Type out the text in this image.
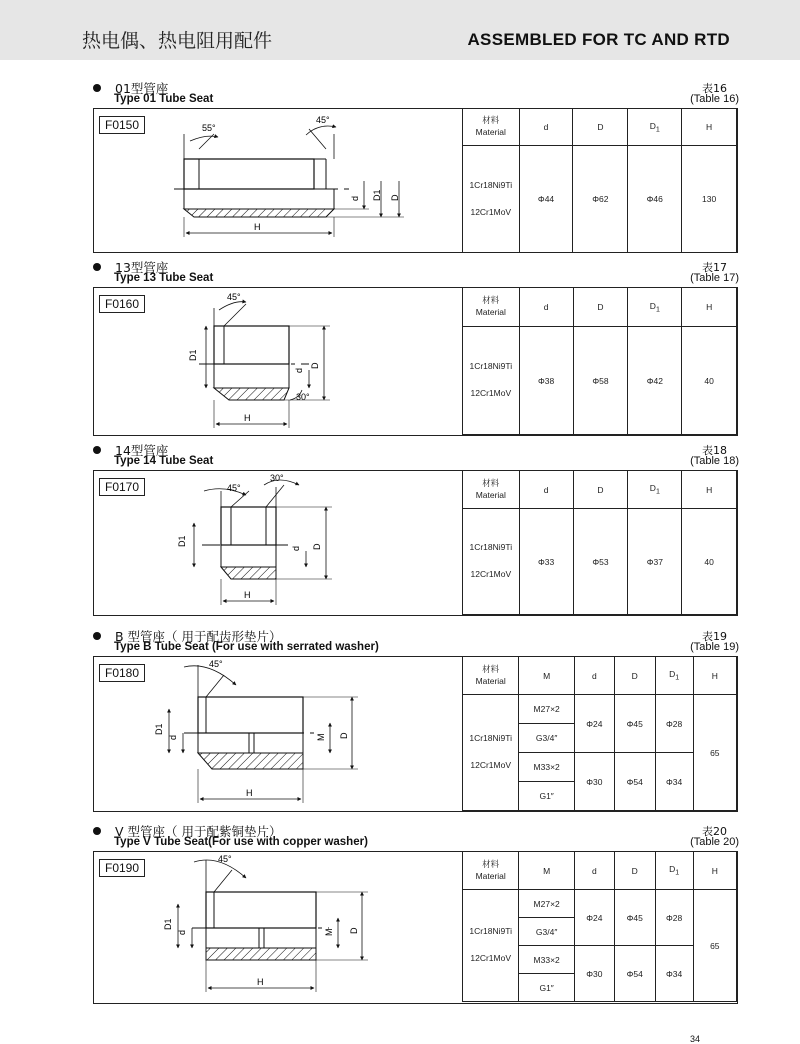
热电偶、热电阻用配件	ASSEMBLED FOR TC AND RTD
01型管座
Type 01 Tube Seat
表16
(Table 16)
55°
45°
d D1 D
H
F0150	材料
Material	d	D	$D_1$	H
1Cr18Ni9Ti

12Cr1MoV	Φ44	Φ62	Φ46	130
13型管座
Type 13 Tube Seat
表17
(Table 17)
45°
D1
d
D
30°
H
F0160	材料
Material	d	D	$D_1$	H
1Cr18Ni9Ti

12Cr1MoV	Φ38	Φ58	Φ42	40
14型管座
Type 14 Tube Seat
表18
(Table 18)
45°
30°
D1
d D
H
F0170	材料
Material	d	D	$D_1$	H
1Cr18Ni9Ti

12Cr1MoV	Φ33	Φ53	Φ37	40
B 型管座（ 用于配齿形垫片）
Type B Tube Seat (For use with serrated washer)
表19
(Table 19)
45°
D1
d	M D
H
F0180	材料
Material	M	d	D	$D_1$	H
1Cr18Ni9Ti

12Cr1MoV	M27×2	Φ24	Φ45	Φ28	65
	G3/4″				
	M33×2	Φ30	Φ54	Φ34	
	G1″				
V 型管座（ 用于配紫铜垫片）
Type V Tube Seat(For use with copper washer)
表20
(Table 20)
45°
D1
d	M D
H
F0190	材料
Material	M	d	D	$D_1$	H
1Cr18Ni9Ti

12Cr1MoV	M27×2	Φ24	Φ45	Φ28	65
	G3/4″				
	M33×2	Φ30	Φ54	Φ34	
	G1″				
34
